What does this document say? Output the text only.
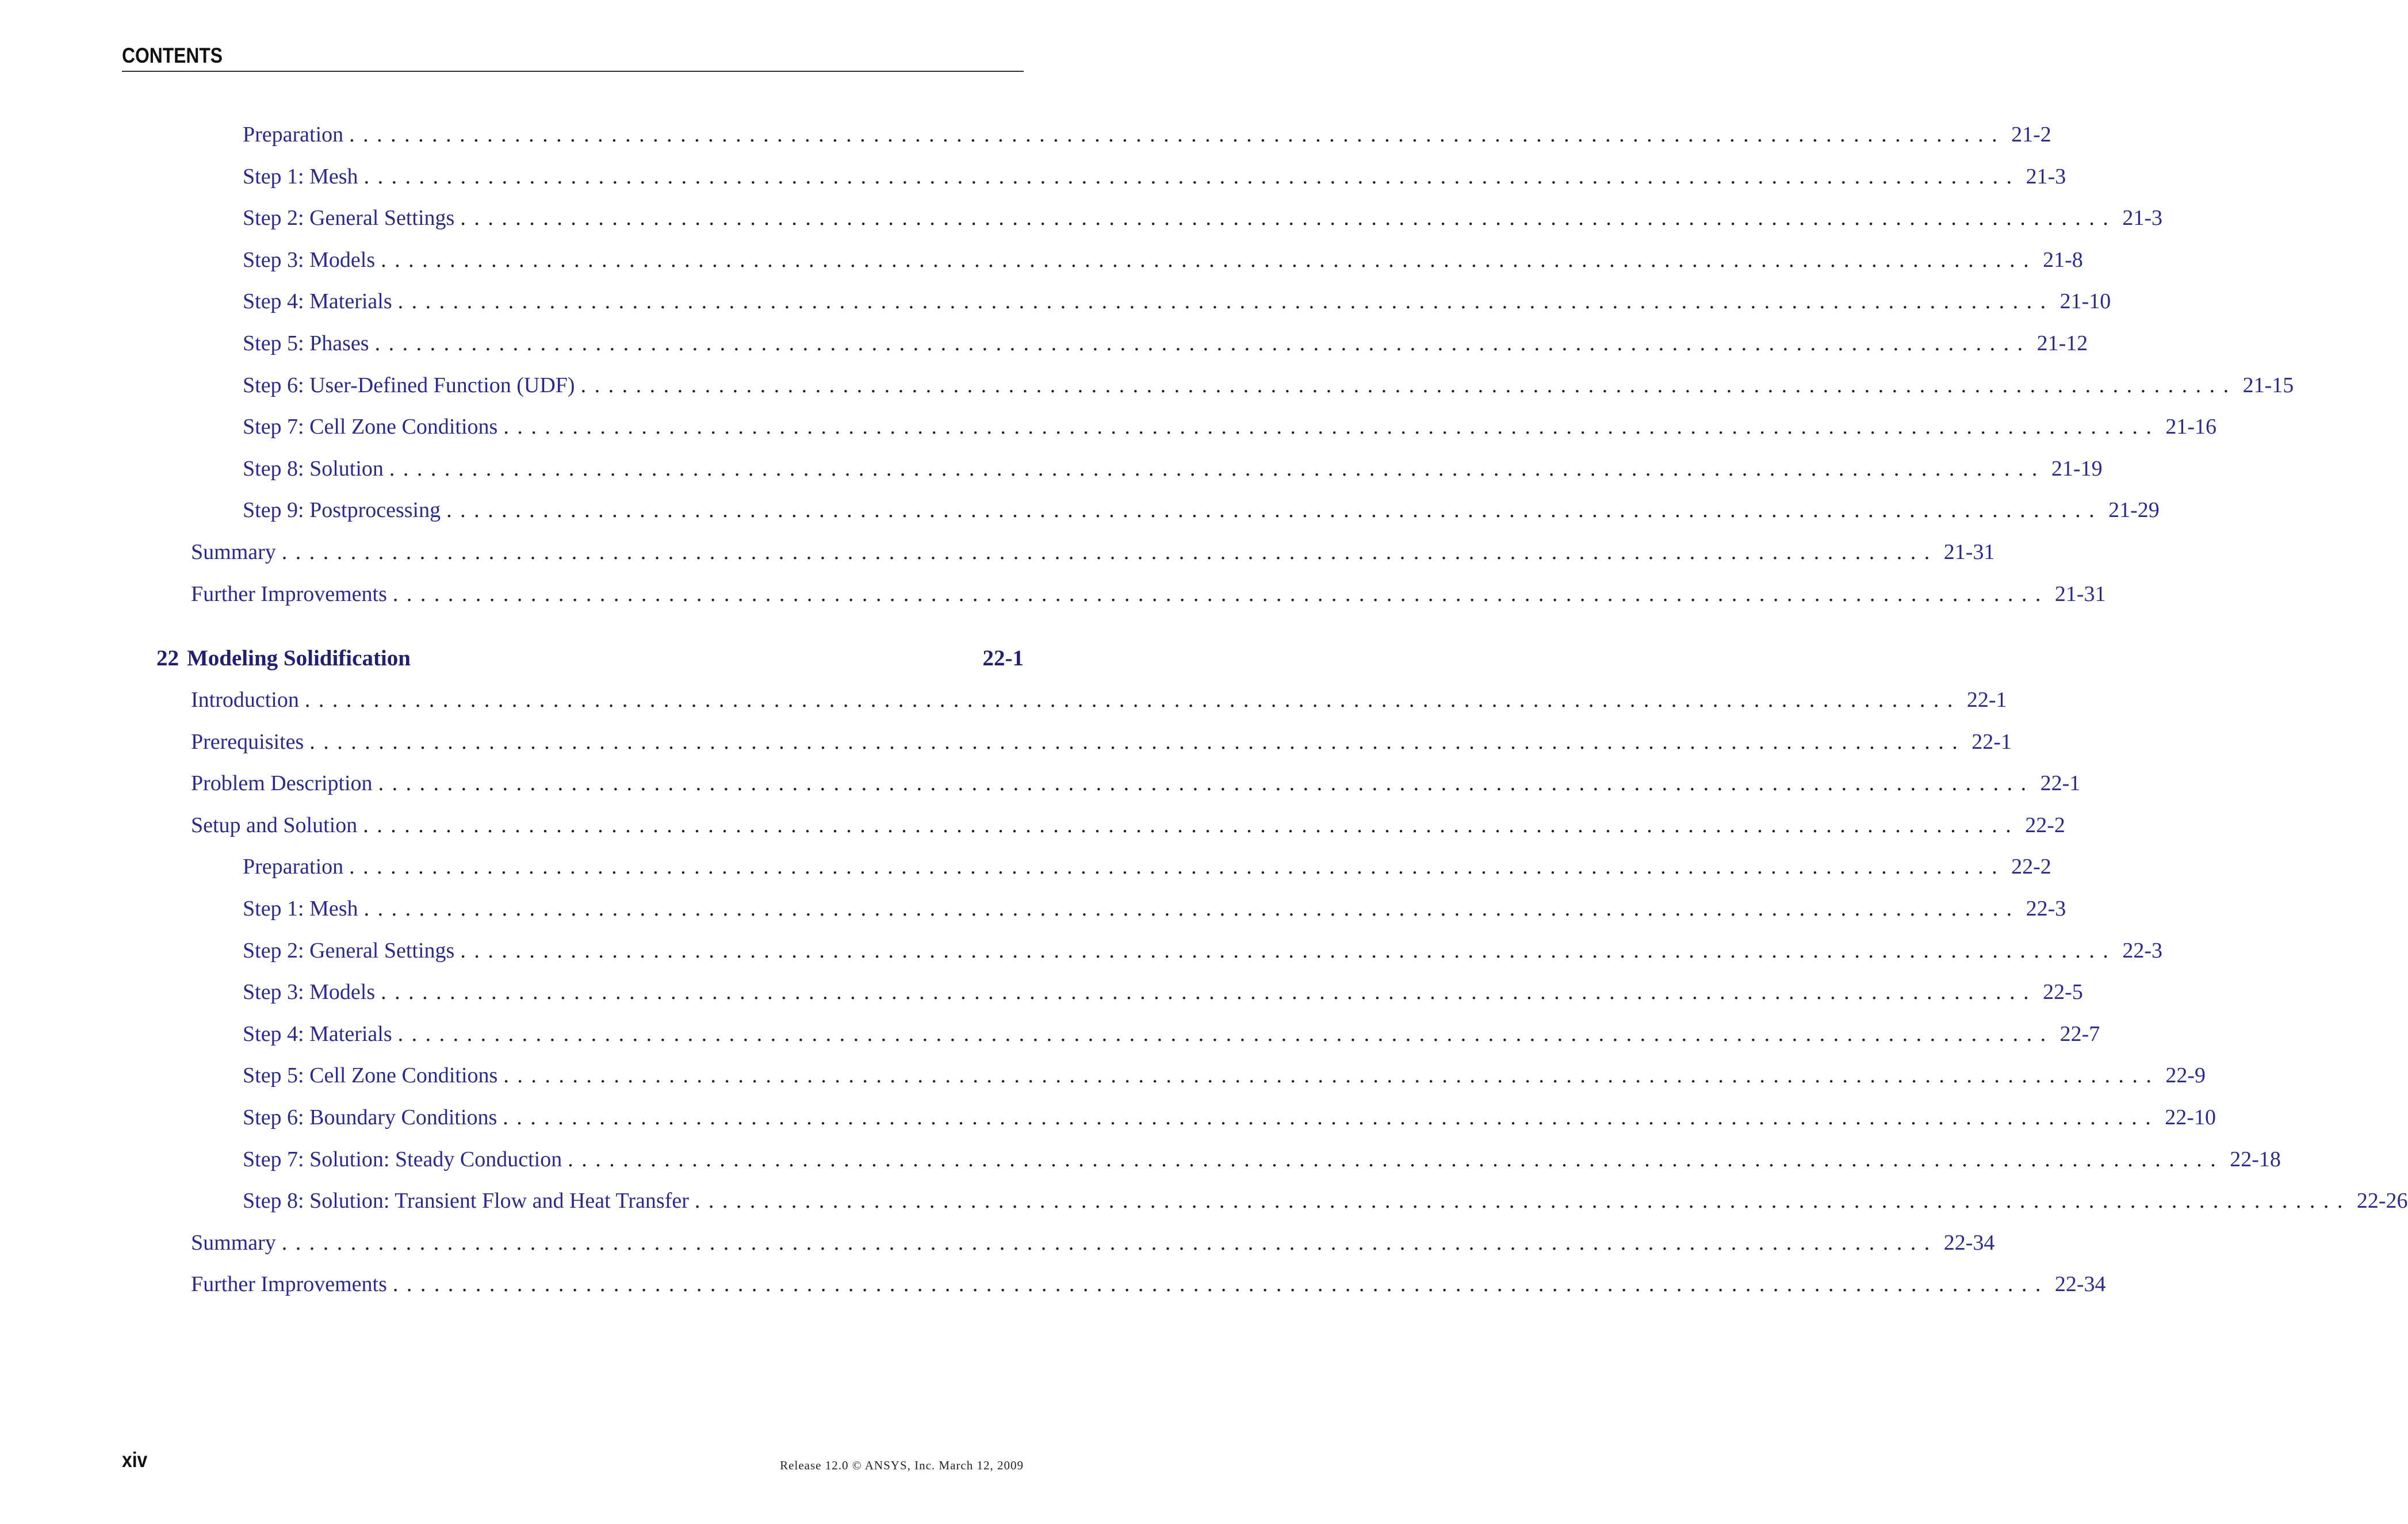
CONTENTS
Preparation ........................................................................................................................ 21-2
Step 1: Mesh ........................................................................................................................ 21-3
Step 2: General Settings ........................................................................................................................ 21-3
Step 3: Models ........................................................................................................................ 21-8
Step 4: Materials ........................................................................................................................ 21-10
Step 5: Phases ........................................................................................................................ 21-12
Step 6: User-Defined Function (UDF) ........................................................................................................................ 21-15
Step 7: Cell Zone Conditions ........................................................................................................................ 21-16
Step 8: Solution ........................................................................................................................ 21-19
Step 9: Postprocessing ........................................................................................................................ 21-29
Summary ........................................................................................................................ 21-31
Further Improvements ........................................................................................................................ 21-31
22 Modeling Solidification	22-1
Introduction ........................................................................................................................ 22-1
Prerequisites ........................................................................................................................ 22-1
Problem Description ........................................................................................................................ 22-1
Setup and Solution ........................................................................................................................ 22-2
Preparation ........................................................................................................................ 22-2
Step 1: Mesh ........................................................................................................................ 22-3
Step 2: General Settings ........................................................................................................................ 22-3
Step 3: Models ........................................................................................................................ 22-5
Step 4: Materials ........................................................................................................................ 22-7
Step 5: Cell Zone Conditions ........................................................................................................................ 22-9
Step 6: Boundary Conditions ........................................................................................................................ 22-10
Step 7: Solution: Steady Conduction ........................................................................................................................ 22-18
Step 8: Solution: Transient Flow and Heat Transfer ........................................................................................................................ 22-26
Summary ........................................................................................................................ 22-34
Further Improvements ........................................................................................................................ 22-34
xiv	Release 12.0 © ANSYS, Inc. March 12, 2009
